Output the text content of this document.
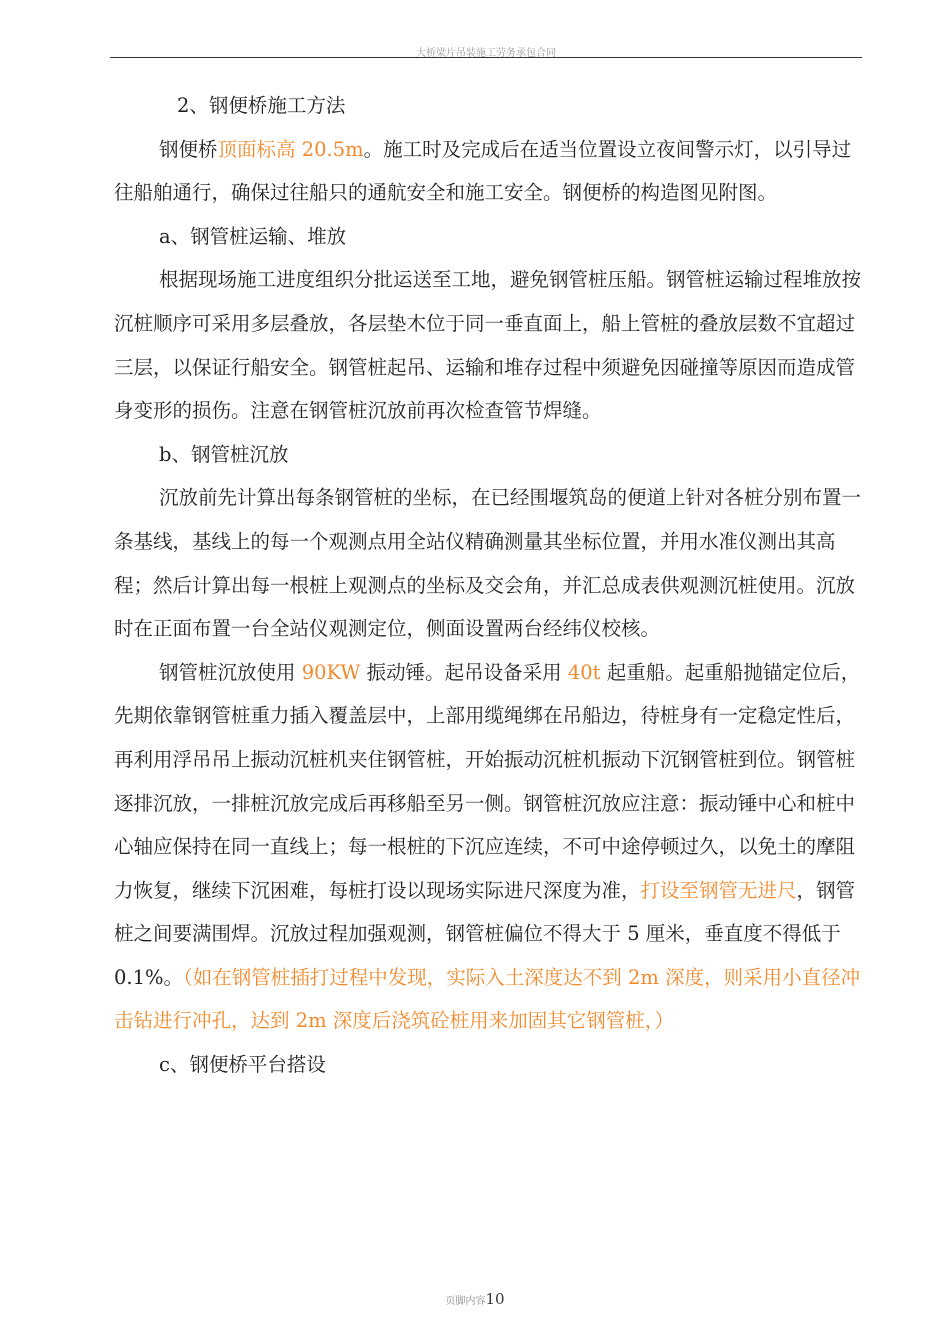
大桥梁片吊装施工劳务承包合同

2、钢便桥施工方法

钢便桥顶面标高 20.5m。施工时及完成后在适当位置设立夜间警示灯，以引导过往船舶通行，确保过往船只的通航安全和施工安全。钢便桥的构造图见附图。

a、钢管桩运输、堆放

根据现场施工进度组织分批运送至工地，避免钢管桩压船。钢管桩运输过程堆放按沉桩顺序可采用多层叠放，各层垫木位于同一垂直面上，船上管桩的叠放层数不宜超过三层，以保证行船安全。钢管桩起吊、运输和堆存过程中须避免因碰撞等原因而造成管身变形的损伤。注意在钢管桩沉放前再次检查管节焊缝。

b、钢管桩沉放

沉放前先计算出每条钢管桩的坐标，在已经围堰筑岛的便道上针对各桩分别布置一条基线，基线上的每一个观测点用全站仪精确测量其坐标位置，并用水准仪测出其高程；然后计算出每一根桩上观测点的坐标及交会角，并汇总成表供观测沉桩使用。沉放时在正面布置一台全站仪观测定位，侧面设置两台经纬仪校核。

钢管桩沉放使用 90KW 振动锤。起吊设备采用 40t 起重船。起重船抛锚定位后，先期依靠钢管桩重力插入覆盖层中，上部用缆绳绑在吊船边，待桩身有一定稳定性后，再利用浮吊吊上振动沉桩机夹住钢管桩，开始振动沉桩机振动下沉钢管桩到位。钢管桩逐排沉放，一排桩沉放完成后再移船至另一侧。钢管桩沉放应注意：振动锤中心和桩中心轴应保持在同一直线上；每一根桩的下沉应连续，不可中途停顿过久，以免土的摩阻力恢复，继续下沉困难，每桩打设以现场实际进尺深度为准，打设至钢管无进尺，钢管桩之间要满围焊。沉放过程加强观测，钢管桩偏位不得大于 5 厘米，垂直度不得低于 0.1%。（如在钢管桩插打过程中发现，实际入土深度达不到 2m 深度，则采用小直径冲击钻进行冲孔，达到 2m 深度后浇筑砼桩用来加固其它钢管桩，）

c、钢便桥平台搭设

页脚内容10
